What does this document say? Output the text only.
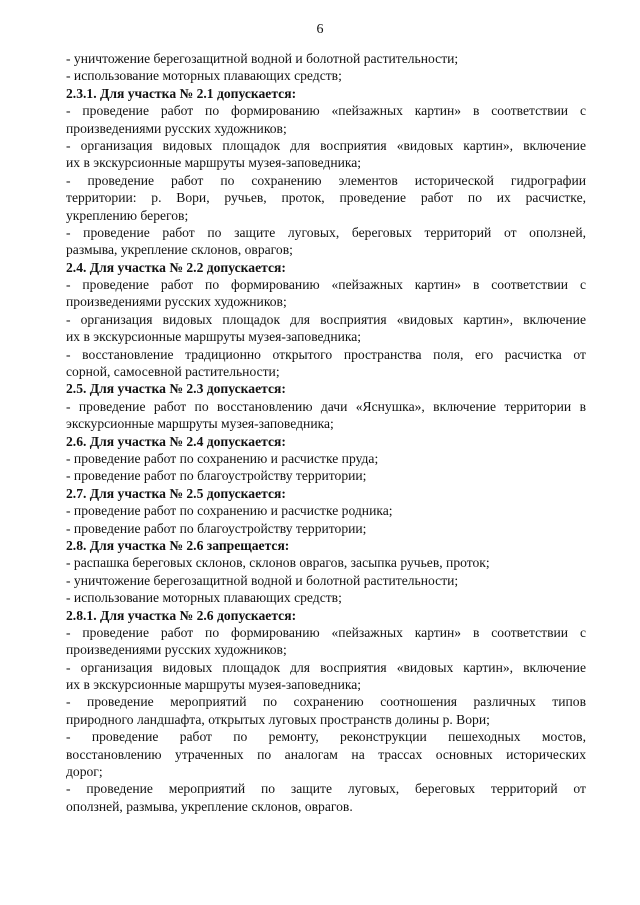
6
- уничтожение берегозащитной водной и болотной растительности;
- использование моторных плавающих средств;
2.3.1. Для участка № 2.1 допускается:
- проведение работ по формированию «пейзажных картин» в соответствии с
произведениями русских художников;
- организация видовых площадок для восприятия «видовых картин», включение
их в экскурсионные маршруты музея-заповедника;
- проведение работ по сохранению элементов исторической гидрографии
территории: р. Вори, ручьев, проток, проведение работ по их расчистке,
укреплению берегов;
- проведение работ по защите луговых, береговых территорий от оползней,
размыва, укрепление склонов, оврагов;
2.4. Для участка № 2.2 допускается:
- проведение работ по формированию «пейзажных картин» в соответствии с
произведениями русских художников;
- организация видовых площадок для восприятия «видовых картин», включение
их в экскурсионные маршруты музея-заповедника;
- восстановление традиционно открытого пространства поля, его расчистка от
сорной, самосевной растительности;
2.5. Для участка № 2.3 допускается:
- проведение работ по восстановлению дачи «Яснушка», включение территории в
экскурсионные маршруты музея-заповедника;
2.6. Для участка № 2.4 допускается:
- проведение работ по сохранению и расчистке пруда;
- проведение работ по благоустройству территории;
2.7. Для участка № 2.5 допускается:
- проведение работ по сохранению и расчистке родника;
- проведение работ по благоустройству территории;
2.8. Для участка № 2.6 запрещается:
- распашка береговых склонов, склонов оврагов, засыпка ручьев, проток;
- уничтожение берегозащитной водной и болотной растительности;
- использование моторных плавающих средств;
2.8.1. Для участка № 2.6 допускается:
- проведение работ по формированию «пейзажных картин» в соответствии с
произведениями русских художников;
- организация видовых площадок для восприятия «видовых картин», включение
их в экскурсионные маршруты музея-заповедника;
- проведение мероприятий по сохранению соотношения различных типов
природного ландшафта, открытых луговых пространств долины р. Вори;
- проведение работ по ремонту, реконструкции пешеходных мостов,
восстановлению утраченных по аналогам на трассах основных исторических
дорог;
- проведение мероприятий по защите луговых, береговых территорий от
оползней, размыва, укрепление склонов, оврагов.
